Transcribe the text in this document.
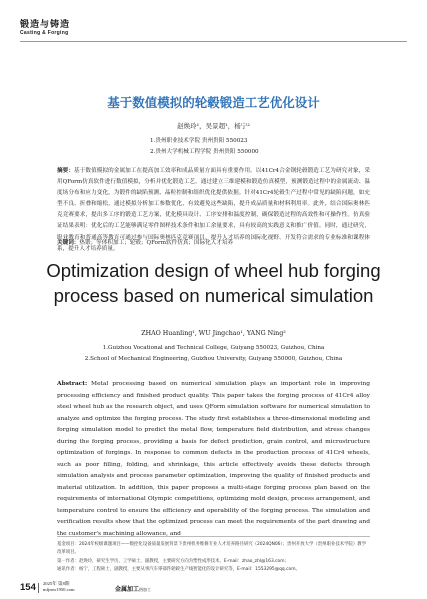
锻造与铸造
Casting & Forging
基于数值模拟的轮毂锻造工艺优化设计
赵焕玲¹，吴景超¹，杨宁²
1.贵州职业技术学院 贵州贵阳 550023
2.贵州大学机械工程学院 贵州贵阳 550000
摘要：基于数值模拟的金属加工在提高加工效率和成品质量方面具有重要作用。以41Cr4合金钢轮毂锻造工艺为研究对象，采用QForm仿真软件进行数值模拟，分析并优化锻造工艺。通过建立三维建模和锻造仿真模型，预测锻造过程中的金属流动、温度场分布和应力变化，为锻件的缺陷预测、晶粒控制和组织优化提供依据。针对41Cr4轮毂生产过程中常见的缺陷问题，如充型不良、折叠和缩松，通过模拟分析加工参数优化，有效避免这些缺陷，提升成品质量和材料利用率。此外，结合国际奥林匹克竞赛要求，提出多工序的锻造工艺方案，优化模具设计、工序安排和温度控制，确保锻造过程的高效性和可操作性。仿真验证结果表明：优化后的工艺能够满足零件图样技术条件和加工余量要求，具有较高的实践意义和推广价值。同时，通过研究，职业教育和普通高等教育可通过参与国际奥林匹克竞赛项目，提升人才培养的国际化视野、开发符合需求的专业标准和课程体系，提升人才培养质量。
关键词：热锻；等体积加工；轮毂；QForm软件仿真；国际化人才培养
Optimization design of wheel hub forging
process based on numerical simulation
ZHAO Huanling¹, WU Jingchao¹, YANG Ning²
1.Guizhou Vocational and Technical College, Guiyang 550023, Guizhou, China
2.School of Mechanical Engineering, Guizhou University, Guiyang 550000, Guizhou, China
Abstract: Metal processing based on numerical simulation plays an important role in improving processing efficiency and finished product quality. This paper takes the forging process of 41Cr4 alloy steel wheel hub as the research object, and uses QForm simulation software for numerical simulation to analyze and optimize the forging process. The study first establishes a three-dimensional modeling and forging simulation model to predict the metal flow, temperature field distribution, and stress changes during the forging process, providing a basis for defect prediction, grain control, and microstructure optimization of forgings. In response to common defects in the production process of 41Cr4 wheels, such as poor filling, folding, and shrinkage, this article effectively avoids these defects through simulation analysis and process parameter optimization, improving the quality of finished products and material utilization. In addition, this paper proposes a multi-stage forging process plan based on the requirements of international Olympic competitions, optimizing mold design, process arrangement, and temperature control to ensure the efficiency and operability of the forging process. The simulation and verification results show that the optimized process can meet the requirements of the part drawing and the customer's machining allowance, and
基金项目：2024年校级课题项目——数控化设备质量发展背景下贵州机务维修专业人才培养路径研究（2024QN06）；贵州开放大学（贵州职业技术学院）教学改革项目。
第一作者：赵焕玲，研究生学历，工学硕士，副教授，主要研究方向为塑性成形技术，E-mail：zhao_zhl@163.com；
通讯作者：杨宁，工程硕士，副教授，主要从事汽车零部件轮毂生产线智能化的设计研究等，E-mail：1553295@qq.com。
154 2025年 第8期
mfjmw1950.com	金属加工热加工
